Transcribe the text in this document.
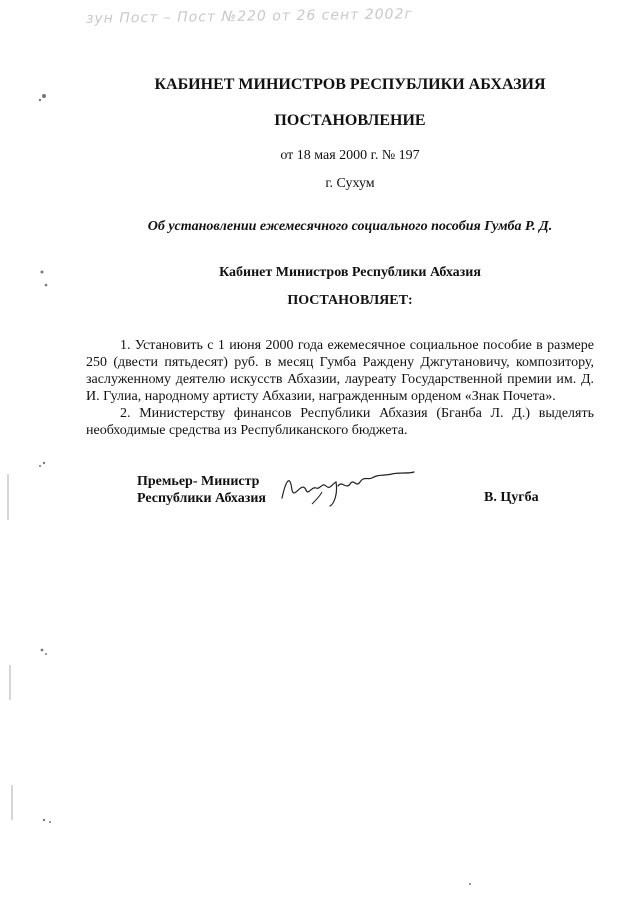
зун Пост – Пост №220 от 26 сент 2002г
КАБИНЕТ МИНИСТРОВ РЕСПУБЛИКИ АБХАЗИЯ
ПОСТАНОВЛЕНИЕ
от 18 мая 2000 г. № 197
г. Сухум
Об установлении ежемесячного социального пособия Гумба Р. Д.
Кабинет Министров Республики Абхазия
ПОСТАНОВЛЯЕТ:

1. Установить с 1 июня 2000 года ежемесячное социальное пособие в размере 250 (двести пятьдесят) руб. в месяц Гумба Раждену Джгутановичу, композитору, заслуженному деятелю искусств Абхазии, лауреату Государственной премии им. Д. И. Гулиа, народному артисту Абхазии, награжденным орденом «Знак Почета».

2. Министерству финансов Республики Абхазия (Бганба Л. Д.) выделять необходимые средства из Республиканского бюджета.

Премьер- Министр
Республики Абхазия	В. Цугба
